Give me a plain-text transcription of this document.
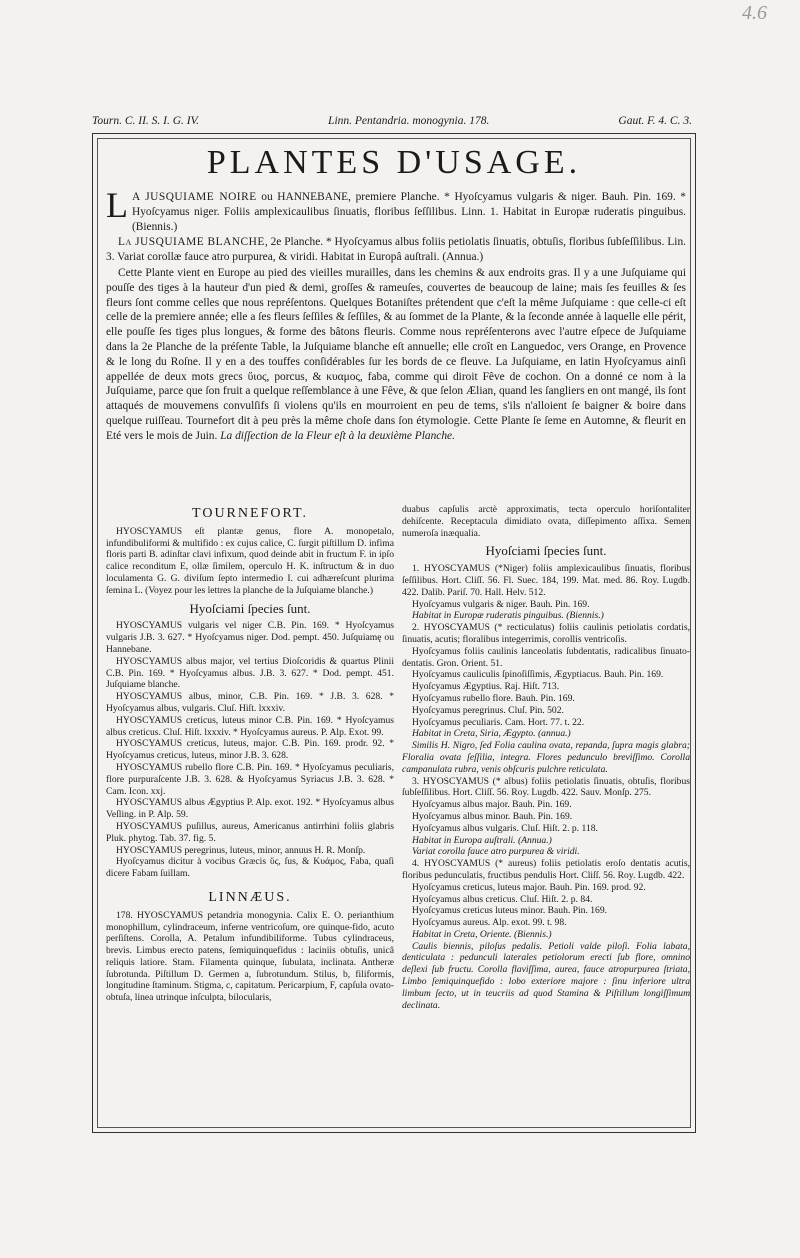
4.6
Tourn. C. II. S. I. G. IV.	Linn. Pentandria. monogynia. 178.	Gaut. F. 4. C. 3.
PLANTES D'USAGE.

L A JUSQUIAME NOIRE ou HANNEBANE, premiere Planche. * Hyoſcyamus vulgaris & niger. Bauh. Pin. 169. * Hyoſcyamus niger. Foliis amplexicaulibus ſinuatis, floribus ſeſſilibus. Linn. 1. Habitat in Europæ ruderatis pinguibus. (Biennis.)

La JUSQUIAME BLANCHE, 2e Planche. * Hyoſcyamus albus foliis petiolatis ſinuatis, obtuſis, floribus ſubſeſſilibus. Lin. 3. Variat corollæ fauce atro purpurea, & viridi. Habitat in Europâ auſtrali. (Annua.)

Cette Plante vient en Europe au pied des vieilles murailles, dans les chemins & aux endroits gras. Il y a une Juſquiame qui pouſſe des tiges à la hauteur d'un pied & demi, groſſes & rameuſes, couvertes de beaucoup de laine; mais ſes feuilles & ſes fleurs ſont comme celles que nous repréſentons. Quelques Botaniſtes prétendent que c'eſt la même Juſquiame : que celle-ci eſt celle de la premiere année; elle a ſes fleurs ſeſſiles & ſeſſiles, & au ſommet de la Plante, & la ſeconde année à laquelle elle périt, elle pouſſe ſes tiges plus longues, & forme des bâtons fleuris. Comme nous repréſenterons avec l'autre eſpece de Juſquiame dans la 2e Planche de la préſente Table, la Juſquiame blanche eſt annuelle; elle croît en Languedoc, vers Orange, en Provence & le long du Roſne. Il y en a des touffes conſidérables ſur les bords de ce fleuve. La Juſquiame, en latin Hyoſcyamus ainſi appellée de deux mots grecs ὕιος, porcus, & κυαμος, faba, comme qui diroit Fêve de cochon. On a donné ce nom à la Juſquiame, parce que ſon fruit a quelque reſſemblance à une Fêve, & que ſelon Ælian, quand les ſangliers en ont mangé, ils ſont attaqués de mouvemens convulſifs ſi violens qu'ils en mourroient en peu de tems, s'ils n'alloient ſe baigner & boire dans quelque ruiſſeau. Tournefort dit à peu près la même choſe dans ſon étymologie. Cette Plante ſe ſeme en Automne, & fleurit en Eté vers le mois de Juin. La diſſection de la Fleur eſt à la deuxième Planche.

TOURNEFORT.

HYOSCYAMUS eſt plantæ genus, flore A. monopetalo, infundibuliformi & multifido : ex cujus calice, C. ſurgit piſtillum D. infima floris parti B. adinſtar clavi infixum, quod deinde abit in fructum F. in ipſo calice reconditum E, ollæ ſimilem, operculo H. K. inſtructum & in duo loculamenta G. G. diviſum ſepto intermedio I. cui adhæreſcunt plurima ſemina L. (Voyez pour les lettres la planche de la Juſquiame blanche.)

Hyoſciami ſpecies ſunt.

HYOSCYAMUS vulgaris vel niger C.B. Pin. 169. * Hyoſcyamus vulgaris J.B. 3. 627. * Hyoſcyamus niger. Dod. pempt. 450. Juſquiamę ou Hannebane.

HYOSCYAMUS albus major, vel tertius Dioſcoridis & quartus Plinii C.B. Pin. 169. * Hyoſcyamus albus. J.B. 3. 627. * Dod. pempt. 451. Juſquiame blanche.

HYOSCYAMUS albus, minor, C.B. Pin. 169. * J.B. 3. 628. * Hyoſcyamus albus, vulgaris. Cluſ. Hiſt. lxxxiv.

HYOSCYAMUS creticus, luteus minor C.B. Pin. 169. * Hyoſcyamus albus creticus. Cluſ. Hiſt. lxxxiv. * Hyoſcyamus aureus. P. Alp. Exot. 99.

HYOSCYAMUS creticus, luteus, major. C.B. Pin. 169. prodr. 92. * Hyoſcyamus creticus, luteus, minor J.B. 3. 628.

HYOSCYAMUS rubello flore C.B. Pin. 169. * Hyoſcyamus peculiaris, flore purpuraſcente J.B. 3. 628. & Hyoſcyamus Syriacus J.B. 3. 628. * Cam. Icon. xxj.

HYOSCYAMUS albus Ægyptius P. Alp. exot. 192. * Hyoſcyamus albus Veſling. in P. Alp. 59.

HYOSCYAMUS puſillus, aureus, Americanus antirrhini foliis glabris Pluk. phytog. Tab. 37. fig. 5.

HYOSCYAMUS peregrinus, luteus, minor, annuus H. R. Monſp.

Hyoſcyamus dicitur à vocibus Græcis ὕς, ſus, & Κυάμος, Faba, quaſi dicere Fabam ſuillam.

LINNÆUS.

178. HYOSCYAMUS petandria monogynia. Calix E. O. perianthium monophillum, cylindraceum, inferne ventricoſum, ore quinque-fido, acuto perſiſtens. Corolla, A. Petalum infundibiliforme. Tubus cylindraceus, brevis. Limbus erecto patens, ſemiquinquefidus : laciniis obtuſis, unicâ reliquis latiore. Stam. Filamenta quinque, ſubulata, inclinata. Antheræ ſubrotunda. Piſtillum D. Germen a, ſubrotundum. Stilus, b, filiformis, longitudine ſtaminum. Stigma, c, capitatum. Pericarpium, F, capſula ovato-obtuſa, linea utrinque inſculpta, bilocularis,

duabus capſulis arctè approximatis, tecta operculo horiſontaliter dehiſcente. Receptacula dimidiato ovata, diſſepimento aſſixa. Semen numeroſa inæqualia.

Hyoſciami ſpecies ſunt.

1. HYOSCYAMUS (*Niger) foliis amplexicaulibus ſinuatis, floribus ſeſſilibus. Hort. Cliſſ. 56. Fl. Suec. 184, 199. Mat. med. 86. Roy. Lugdb. 422. Dalib. Pariſ. 70. Hall. Helv. 512.

Hyoſcyamus vulgaris & niger. Bauh. Pin. 169.

Habitat in Europæ ruderatis pinguibus. (Biennis.)

2. HYOSCYAMUS (* recticulatus) foliis caulinis petiolatis cordatis, ſinuatis, acutis; floralibus integerrimis, corollis ventricoſis.

Hyoſcyamus foliis caulinis lanceolatis ſubdentatis, radicalibus ſinuato-dentatis. Gron. Orient. 51.

Hyoſcyamus cauliculis ſpinoſiſſimis, Ægyptiacus. Bauh. Pin. 169.

Hyoſcyamus Ægyptius. Raj. Hiſt. 713.

Hyoſcyamus rubello flore. Bauh. Pin. 169.

Hyoſcyamus peregrinus. Cluſ. Pin. 502.

Hyoſcyamus peculiaris. Cam. Hort. 77. t. 22.

Habitat in Creta, Siria, Ægypto. (annua.)

Similis H. Nigro, ſed Folia caulina ovata, repanda, ſupra magis glabra; Floralia ovata ſeſſilia, integra. Flores pedunculo breviſſimo. Corolla campanulata rubra, venis obſcuris pulchre reticulata.

3. HYOSCYAMUS (* albus) foliis petiolatis ſinuatis, obtuſis, floribus ſubſeſſilibus. Hort. Cliſſ. 56. Roy. Lugdb. 422. Sauv. Monſp. 275.

Hyoſcyamus albus major. Bauh. Pin. 169.

Hyoſcyamus albus minor. Bauh. Pin. 169.

Hyoſcyamus albus vulgaris. Cluſ. Hiſt. 2. p. 118.

Habitat in Europa auſtrali. (Annua.)

Variat corolla fauce atro purpurea & viridi.

4. HYOSCYAMUS (* aureus) foliis petiolatis eroſo dentatis acutis, floribus pedunculatis, fructibus pendulis Hort. Cliſſ. 56. Roy. Lugdb. 422.

Hyoſcyamus creticus, luteus major. Bauh. Pin. 169. prod. 92.

Hyoſcyamus albus creticus. Cluſ. Hiſt. 2. p. 84.

Hyoſcyamus creticus luteus minor. Bauh. Pin. 169.

Hyoſcyamus aureus. Alp. exot. 99. t. 98.

Habitat in Creta, Oriente. (Biennis.)

Caulis biennis, piloſus pedalis. Petioli valde piloſi. Folia labata, denticulata : pedunculi laterales petiolorum erecti ſub flore, omnino deſlexi ſub fructu. Corolla flaviſſima, aurea, fauce atropurpurea ſtriata, Limbo ſemiquinquefido : lobo exteriore majore : ſinu inferiore ultra limbum ſecto, ut in teucriis ad quod Stamina & Piſtillum longiſſimum declinata.
